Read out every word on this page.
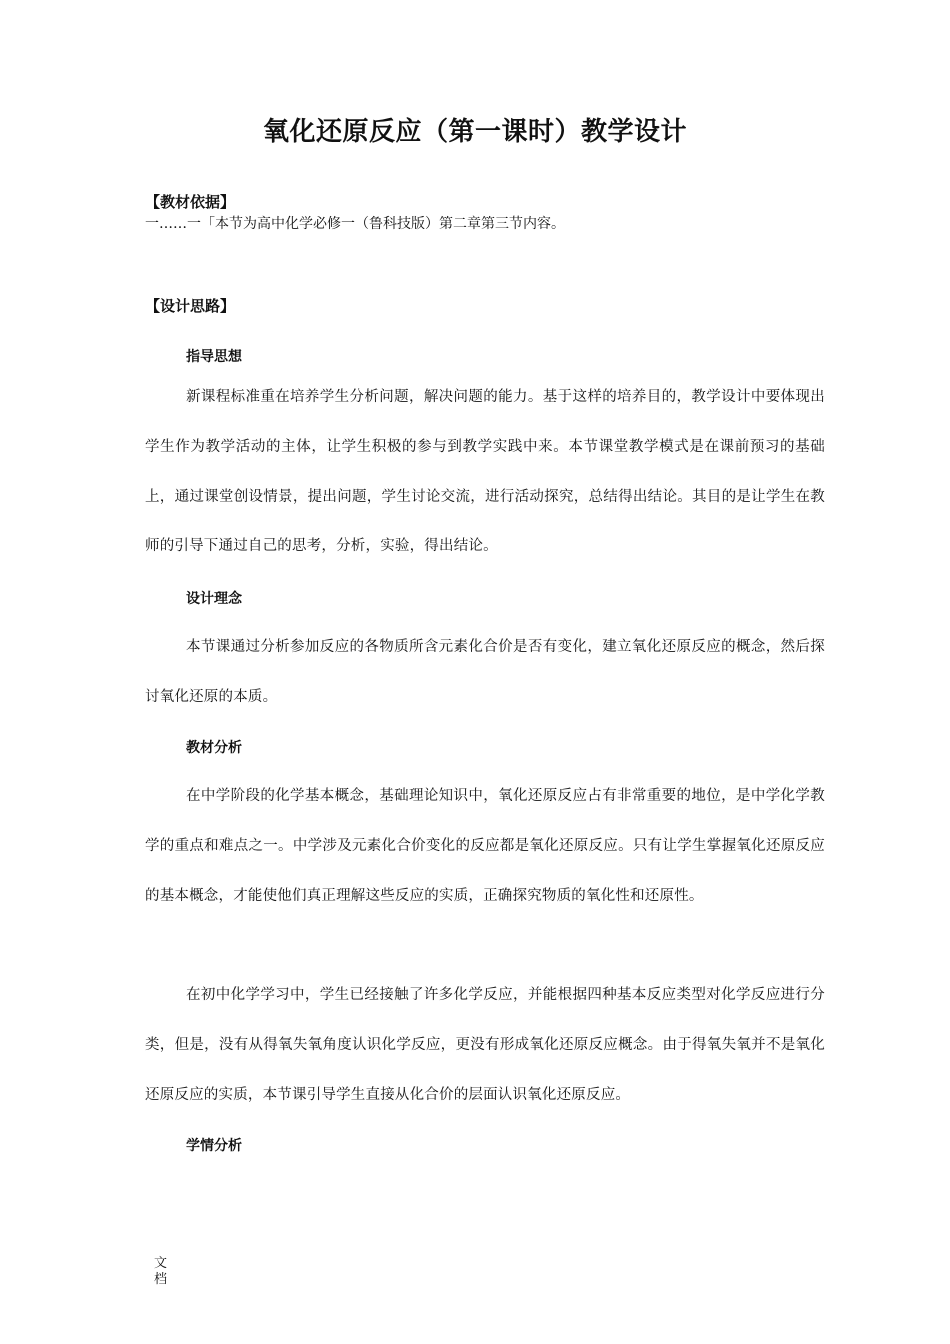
氧化还原反应（第一课时）教学设计
【教材依据】
一……一「本节为高中化学必修一（鲁科技版）第二章第三节内容。
【设计思路】
指导思想

新课程标准重在培养学生分析问题，解决问题的能力。基于这样的培养目的，教学设计中要体现出学生作为教学活动的主体，让学生积极的参与到教学实践中来。本节课堂教学模式是在课前预习的基础上，通过课堂创设情景，提出问题，学生讨论交流，进行活动探究，总结得出结论。其目的是让学生在教师的引导下通过自己的思考，分析，实验，得出结论。

设计理念

本节课通过分析参加反应的各物质所含元素化合价是否有变化，建立氧化还原反应的概念，然后探讨氧化还原的本质。

教材分析

在中学阶段的化学基本概念，基础理论知识中，氧化还原反应占有非常重要的地位，是中学化学教学的重点和难点之一。中学涉及元素化合价变化的反应都是氧化还原反应。只有让学生掌握氧化还原反应的基本概念，才能使他们真正理解这些反应的实质，正确探究物质的氧化性和还原性。

在初中化学学习中，学生已经接触了许多化学反应，并能根据四种基本反应类型对化学反应进行分类，但是，没有从得氧失氧角度认识化学反应，更没有形成氧化还原反应概念。由于得氧失氧并不是氧化还原反应的实质，本节课引导学生直接从化合价的层面认识氧化还原反应。

学情分析
文
档
